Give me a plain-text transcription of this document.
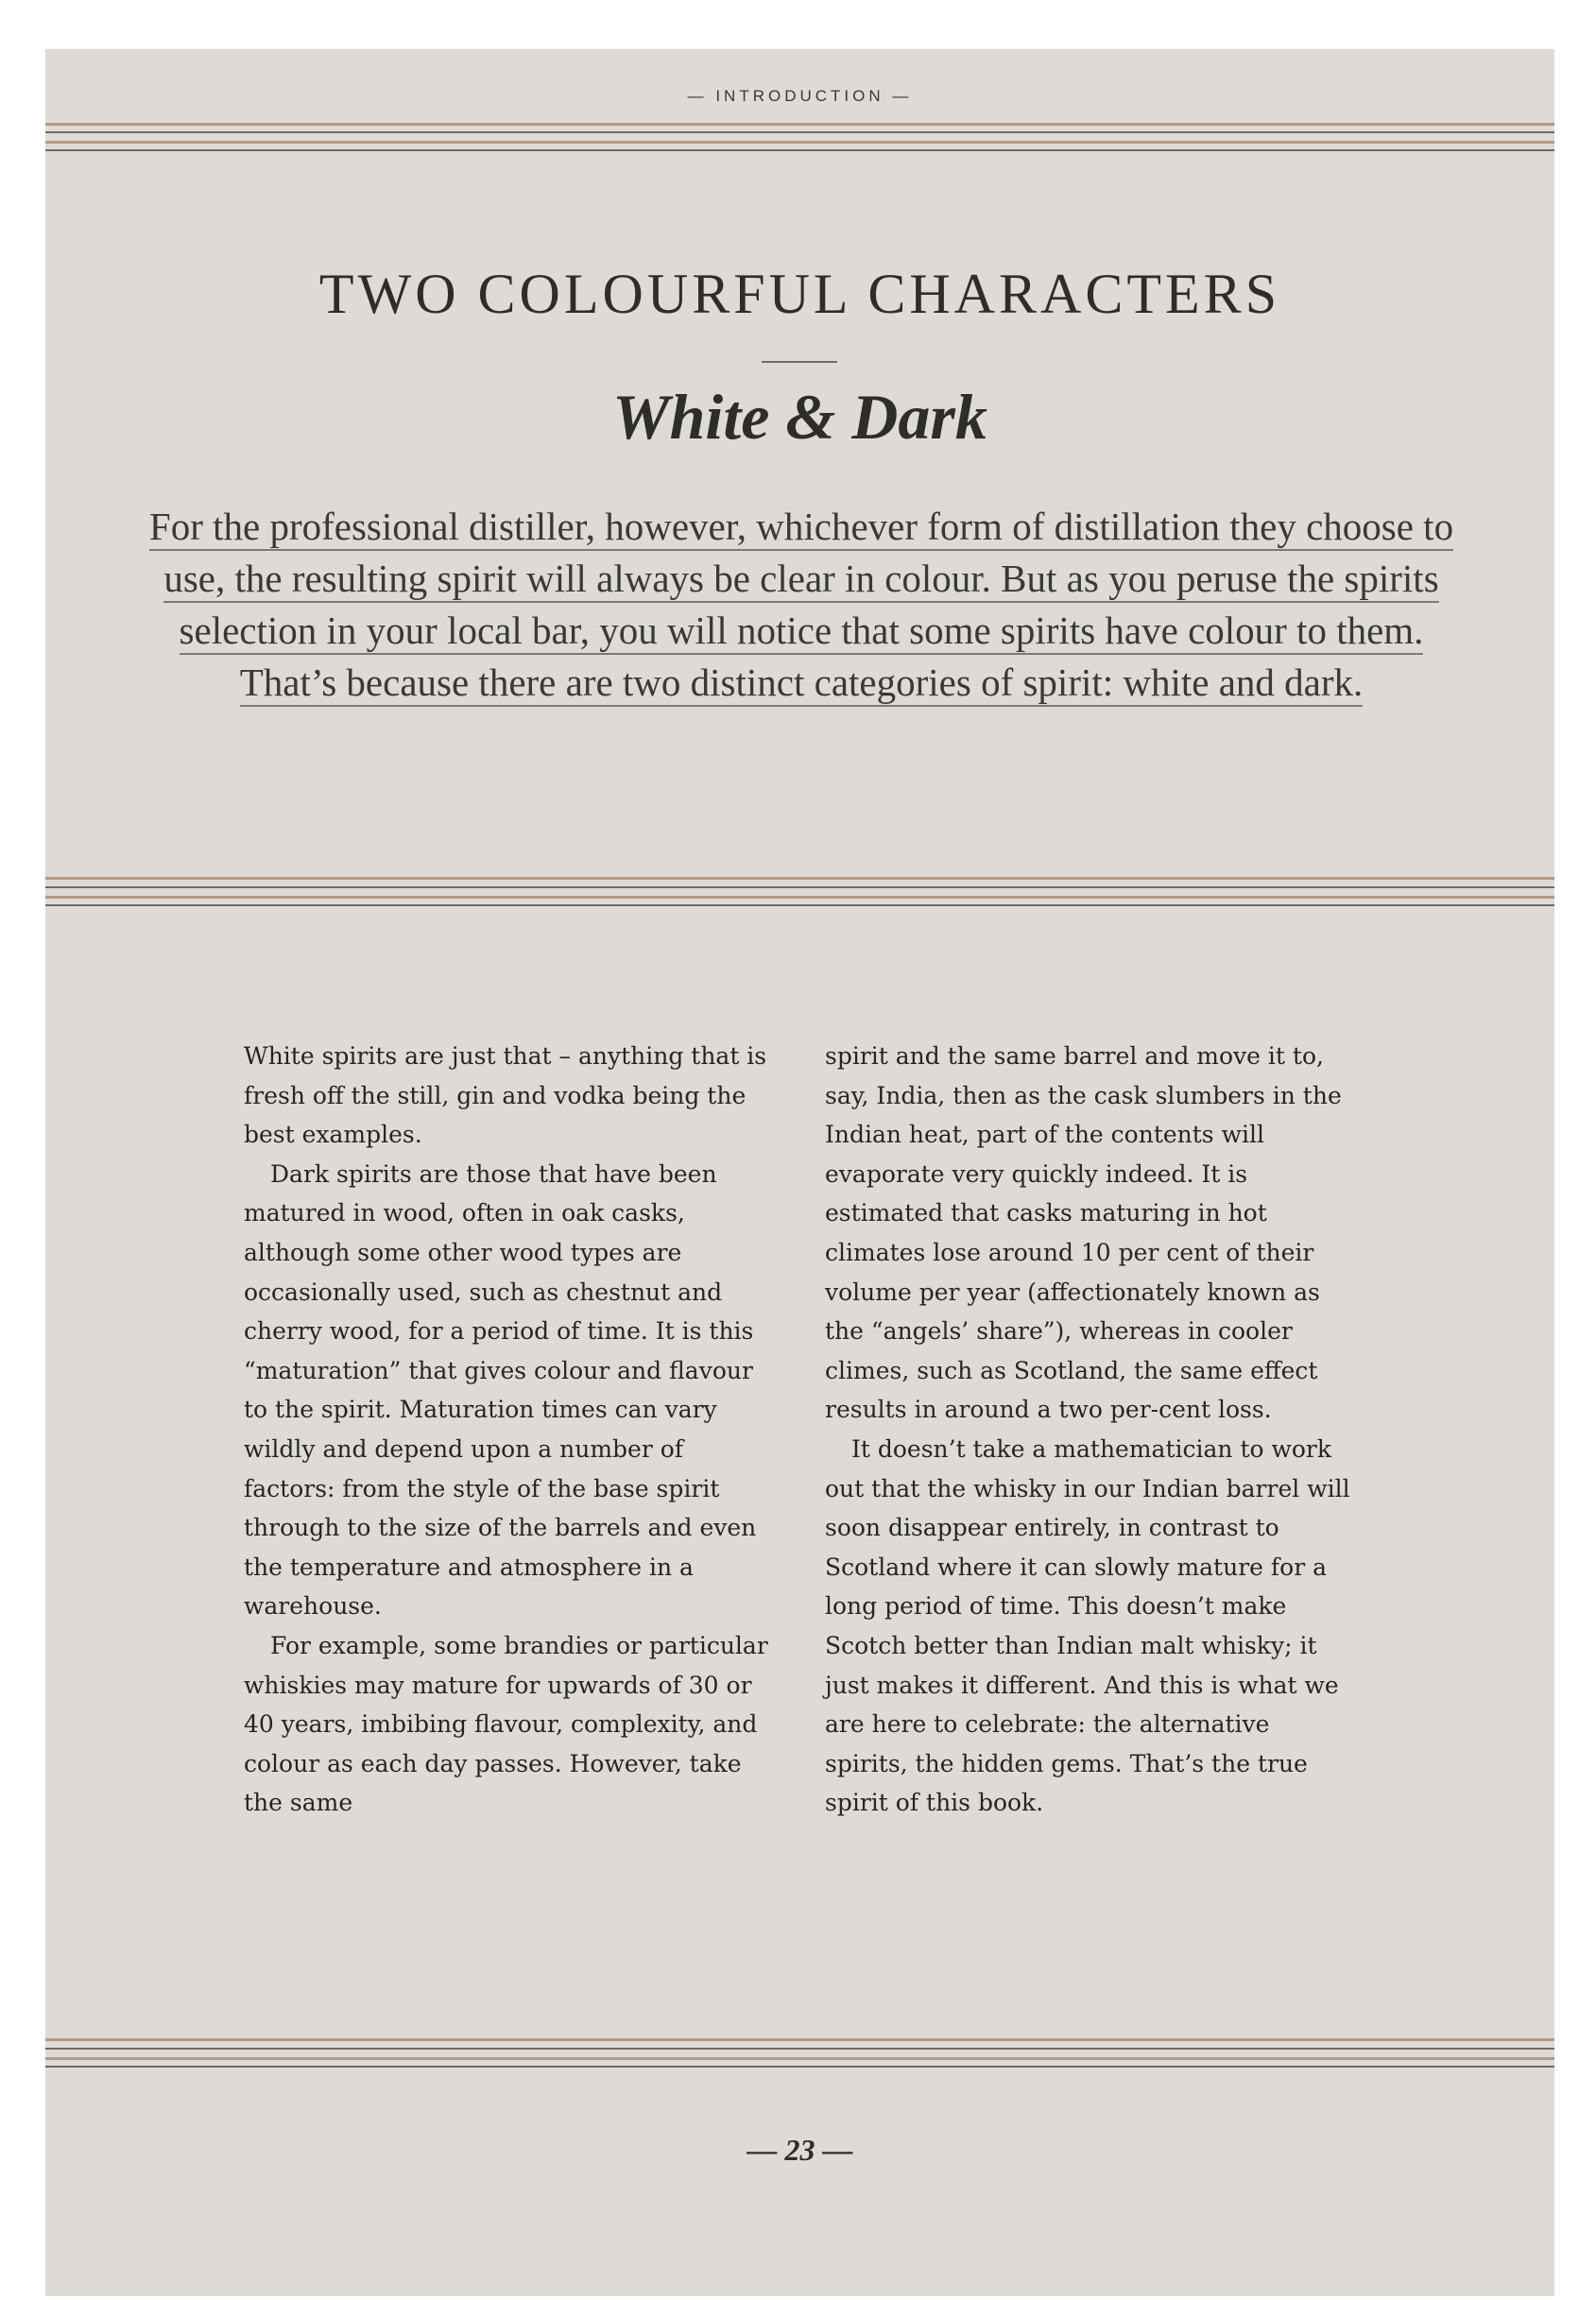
— INTRODUCTION —
TWO COLOURFUL CHARACTERS
White & Dark
For the professional distiller, however, whichever form of distillation they choose to use, the resulting spirit will always be clear in colour. But as you peruse the spirits selection in your local bar, you will notice that some spirits have colour to them. That’s because there are two distinct categories of spirit: white and dark.

White spirits are just that – anything that is fresh off the still, gin and vodka being the best examples.

Dark spirits are those that have been matured in wood, often in oak casks, although some other wood types are occasionally used, such as chestnut and cherry wood, for a period of time. It is this “maturation” that gives colour and flavour to the spirit. Maturation times can vary wildly and depend upon a number of factors: from the style of the base spirit through to the size of the barrels and even the temperature and atmosphere in a warehouse.

For example, some brandies or particular whiskies may mature for upwards of 30 or 40 years, imbibing flavour, complexity, and colour as each day passes. However, take the same

spirit and the same barrel and move it to, say, India, then as the cask slumbers in the Indian heat, part of the contents will evaporate very quickly indeed. It is estimated that casks maturing in hot climates lose around 10 per cent of their volume per year (affectionately known as the “angels’ share”), whereas in cooler climes, such as Scotland, the same effect results in around a two per-cent loss.

It doesn’t take a mathematician to work out that the whisky in our Indian barrel will soon disappear entirely, in contrast to Scotland where it can slowly mature for a long period of time. This doesn’t make Scotch better than Indian malt whisky; it just makes it different. And this is what we are here to celebrate: the alternative spirits, the hidden gems. That’s the true spirit of this book.

— 23 —
